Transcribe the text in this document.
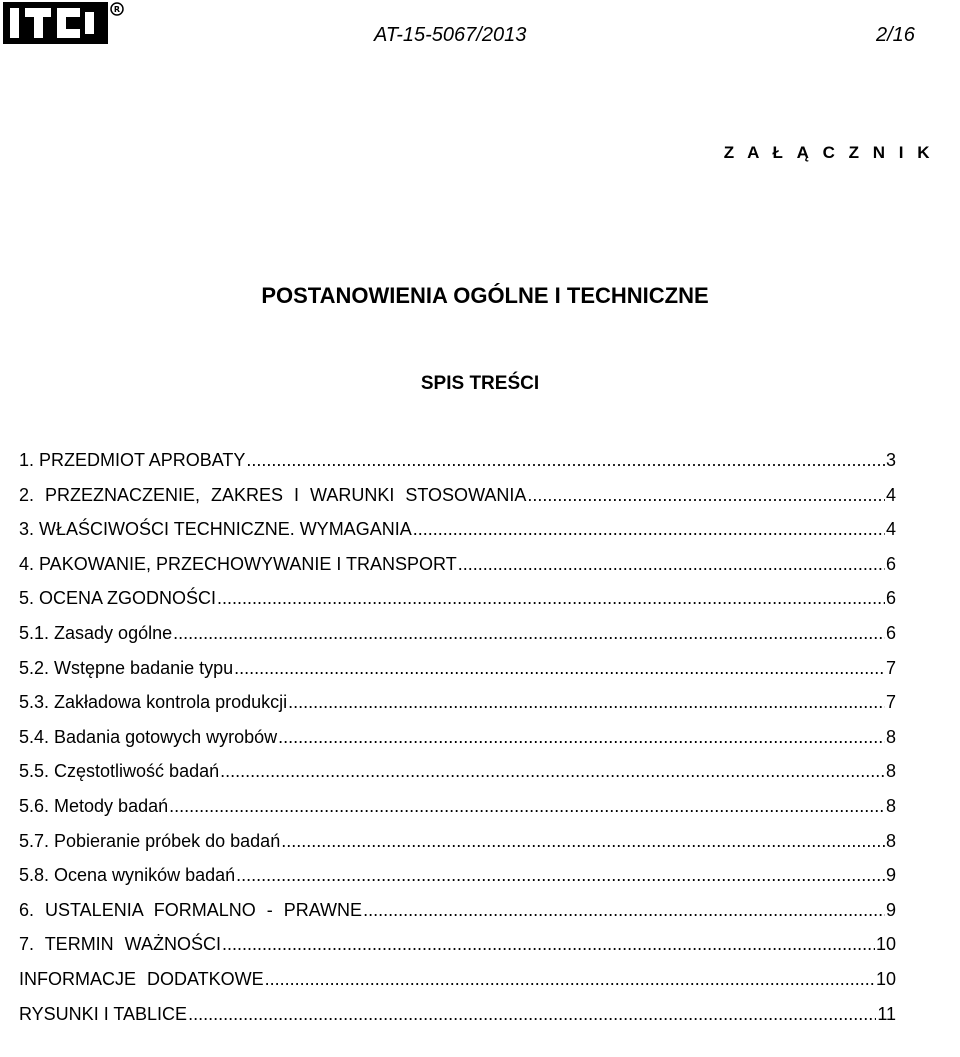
R
AT-15-5067/2013	2/16
Z A Ł Ą C Z N I K
POSTANOWIENIA OGÓLNE I TECHNICZNE
SPIS TREŚCI
1. PRZEDMIOT APROBATY .....	3
2. PRZEZNACZENIE, ZAKRES I WARUNKI STOSOWANIA .....	4
3. WŁAŚCIWOŚCI TECHNICZNE. WYMAGANIA .....	4
4. PAKOWANIE, PRZECHOWYWANIE I TRANSPORT .....	6
5. OCENA ZGODNOŚCI .....	6
5.1. Zasady ogólne .....	6
5.2. Wstępne badanie typu .....	7
5.3. Zakładowa kontrola produkcji .....	7
5.4. Badania gotowych wyrobów .....	8
5.5. Częstotliwość badań .....	8
5.6. Metody badań .....	8
5.7. Pobieranie próbek do badań .....	8
5.8. Ocena wyników badań .....	9
6. USTALENIA FORMALNO - PRAWNE .....	9
7. TERMIN WAŻNOŚCI .....	10
INFORMACJE DODATKOWE .....	10
RYSUNKI I TABLICE .....	11
